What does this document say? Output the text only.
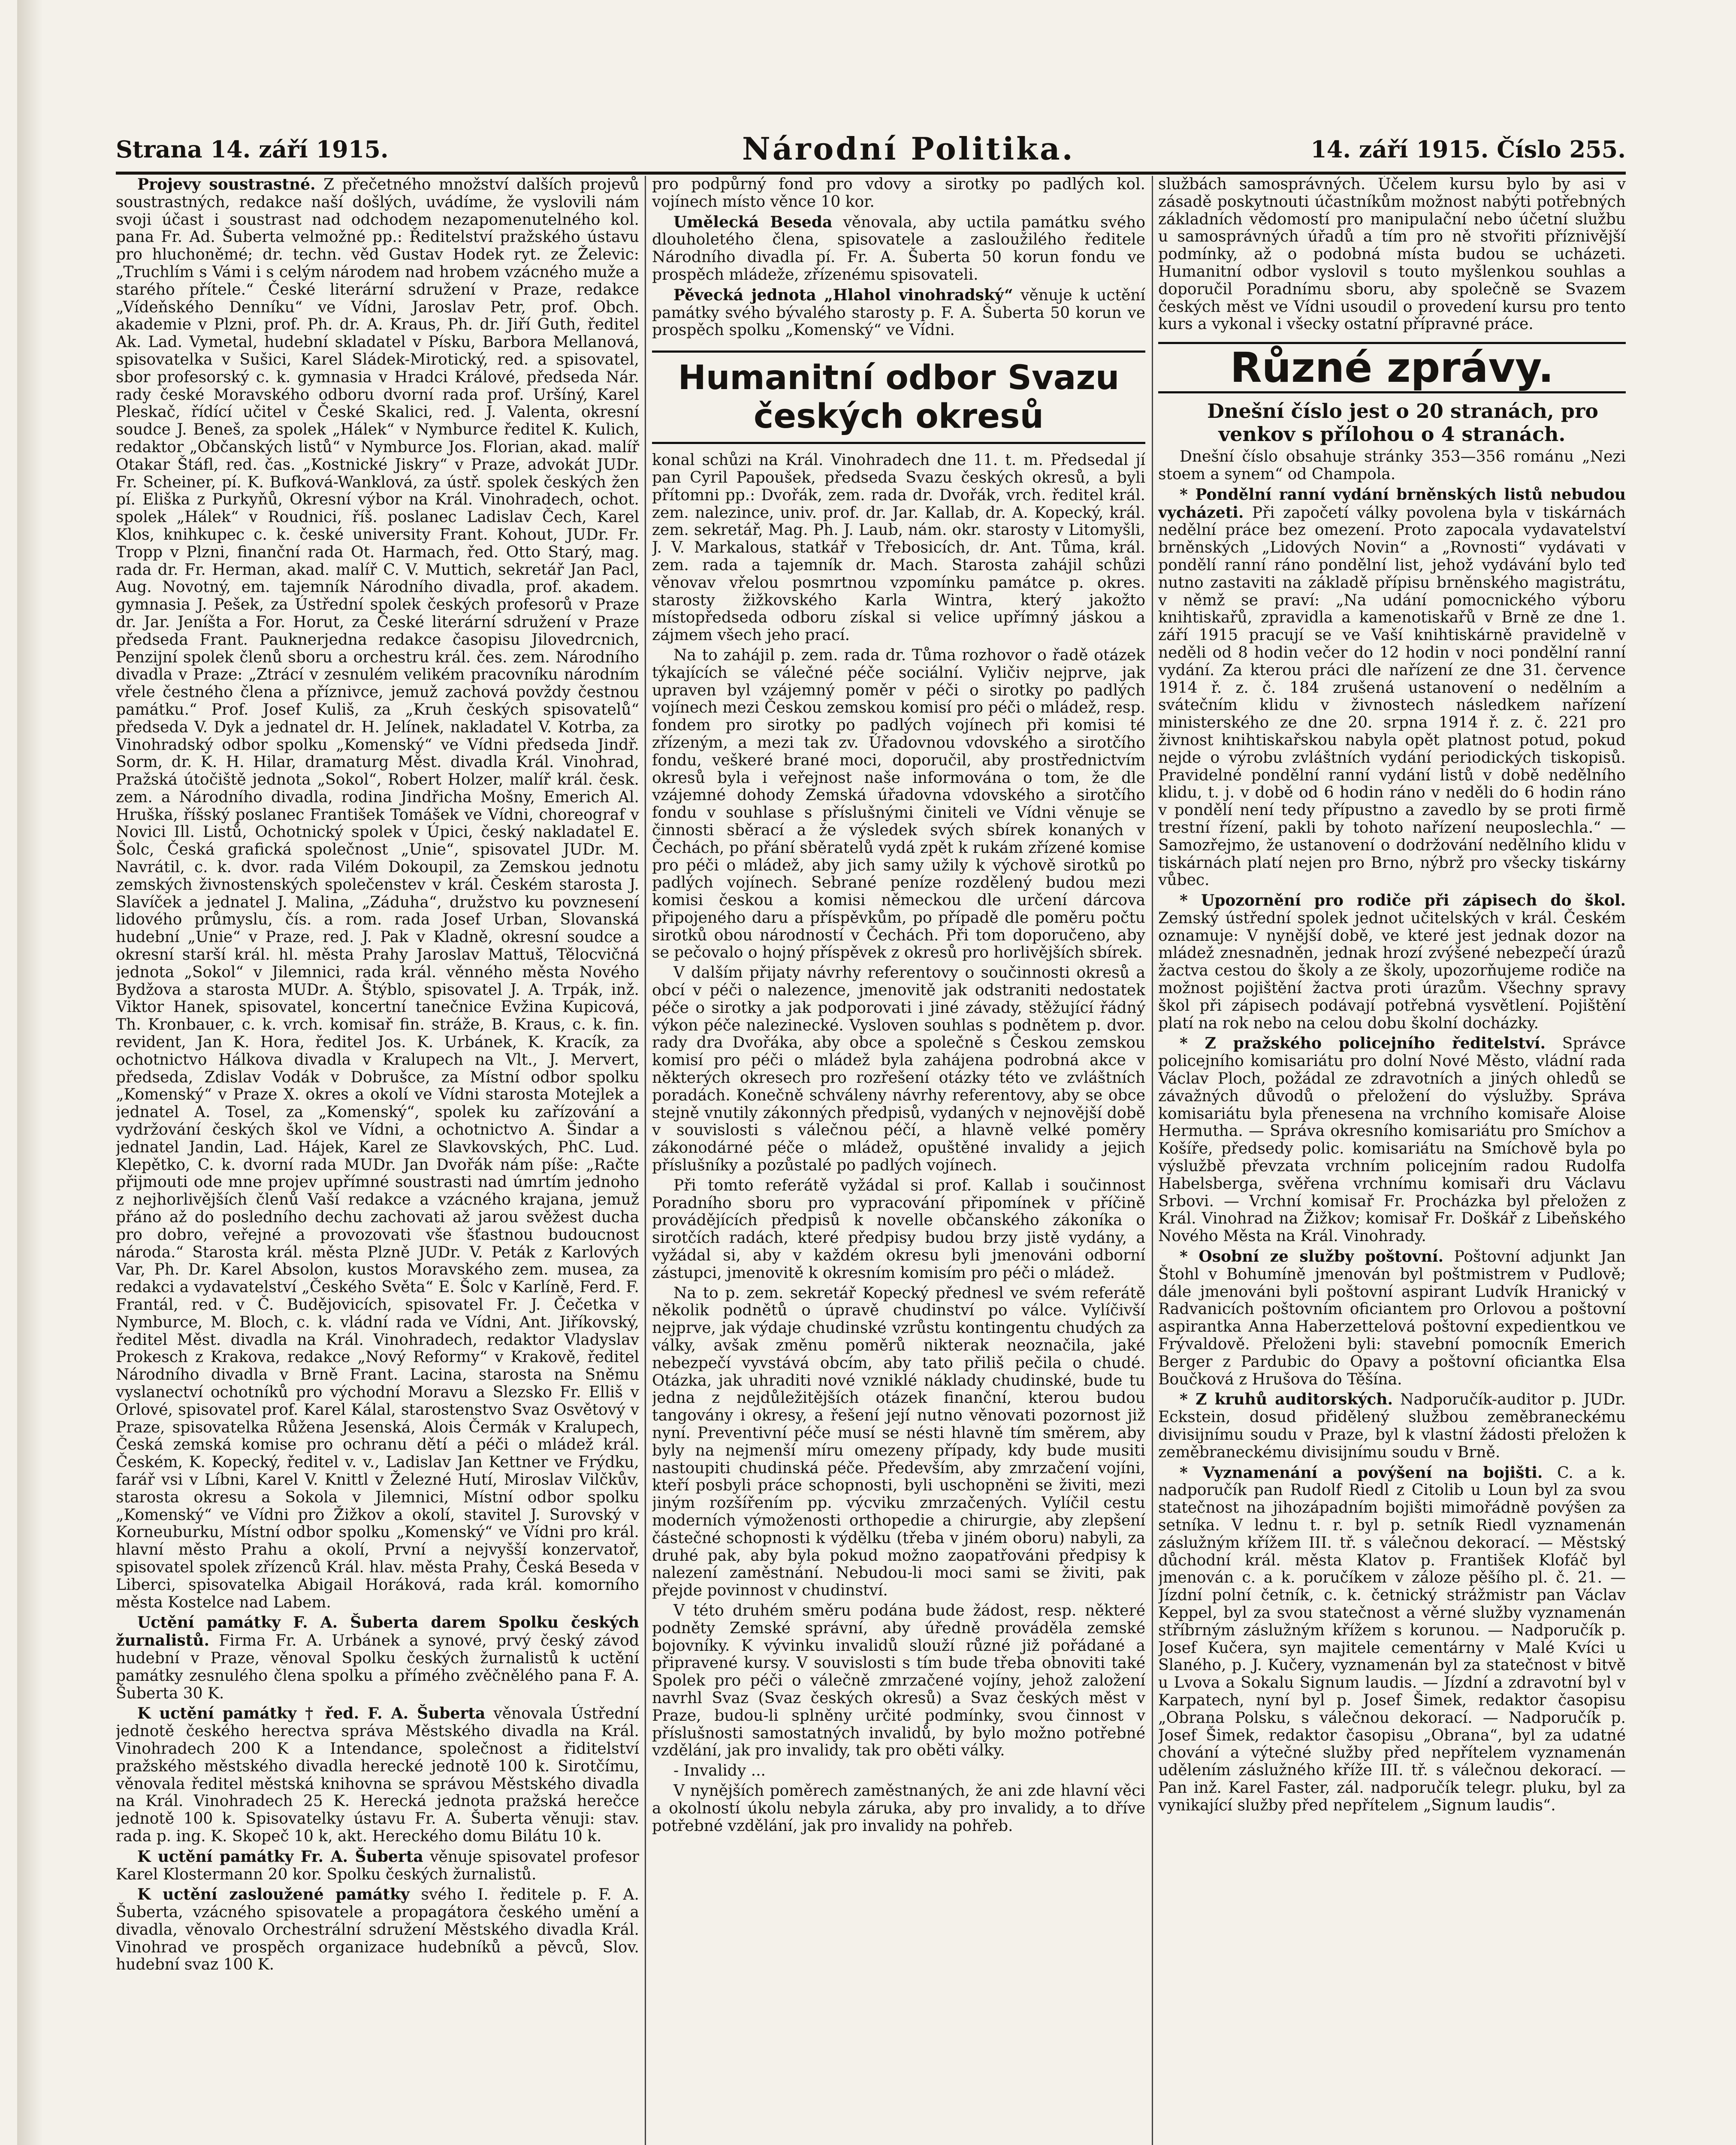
Strana 14. září 1915.	Národní Politika.	14. září 1915. Číslo 255.

Projevy soustrastné. Z přečetného množství dalších projevů soustrastných, redakce naší došlých, uvádíme, že vyslovili nám svoji účast i soustrast nad odchodem nezapomenutelného kol. pana Fr. Ad. Šuberta velmožné pp.: Ředitelství pražského ústavu pro hluchoněmé; dr. techn. věd Gustav Hodek ryt. ze Želevic: „Truchlím s Vámi i s celým národem nad hrobem vzácného muže a starého přítele.“ České literární sdružení v Praze, redakce „Vídeňského Denníku“ ve Vídni, Jaroslav Petr, prof. Obch. akademie v Plzni, prof. Ph. dr. A. Kraus, Ph. dr. Jiří Guth, ředitel Ak. Lad. Vymetal, hudební skladatel v Písku, Barbora Mellanová, spisovatelka v Sušici, Karel Sládek-Mirotický, red. a spisovatel, sbor profesorský c. k. gymnasia v Hradci Králové, předseda Nár. rady české Moravského odboru dvorní rada prof. Uršíný, Karel Pleskač, řídící učitel v České Skalici, red. J. Valenta, okresní soudce J. Beneš, za spolek „Hálek“ v Nymburce ředitel K. Kulich, redaktor „Občanských listů“ v Nymburce Jos. Florian, akad. malíř Otakar Štáfl, red. čas. „Kostnické Jiskry“ v Praze, advokát JUDr. Fr. Scheiner, pí. K. Bufková-Wanklová, za ústř. spolek českých žen pí. Eliška z Purkyňů, Okresní výbor na Král. Vinohradech, ochot. spolek „Hálek“ v Roudnici, říš. poslanec Ladislav Čech, Karel Klos, knihkupec c. k. české university Frant. Kohout, JUDr. Fr. Tropp v Plzni, finanční rada Ot. Harmach, řed. Otto Starý, mag. rada dr. Fr. Herman, akad. malíř C. V. Muttich, sekretář Jan Pacl, Aug. Novotný, em. tajemník Národního divadla, prof. akadem. gymnasia J. Pešek, za Ústřední spolek českých profesorů v Praze dr. Jar. Jeníšta a For. Horut, za České literární sdružení v Praze předseda Frant. Pauknerjedna redakce časopisu Jilovedrcnich, Penzijní spolek členů sboru a orchestru král. čes. zem. Národního divadla v Praze: „Ztrácí v zesnulém velikém pracovníku národním vřele čestného člena a příznivce, jemuž zachová povždy čestnou památku.“ Prof. Josef Kuliš, za „Kruh českých spisovatelů“ předseda V. Dyk a jednatel dr. H. Jelínek, nakladatel V. Kotrba, za Vinohradský odbor spolku „Komenský“ ve Vídni předseda Jindř. Sorm, dr. K. H. Hilar, dramaturg Měst. divadla Král. Vinohrad, Pražská útočiště jednota „Sokol“, Robert Holzer, malíř král. česk. zem. a Národního divadla, rodina Jindřicha Mošny, Emerich Al. Hruška, říšský poslanec František Tomášek ve Vídni, choreograf v Novici Ill. Listů, Ochotnický spolek v Úpici, český nakladatel E. Šolc, Česká grafická společnost „Unie“, spisovatel JUDr. M. Navrátil, c. k. dvor. rada Vilém Dokoupil, za Zemskou jednotu zemských živnostenských společenstev v král. Českém starosta J. Slavíček a jednatel J. Malina, „Záduha“, družstvo ku povznesení lidového průmyslu, čís. a rom. rada Josef Urban, Slovanská hudební „Unie“ v Praze, red. J. Pak v Kladně, okresní soudce a okresní starší král. hl. města Prahy Jaroslav Mattuš, Tělocvičná jednota „Sokol“ v Jilemnici, rada král. věnného města Nového Bydžova a starosta MUDr. A. Štýblo, spisovatel J. A. Trpák, inž. Viktor Hanek, spisovatel, koncertní tanečnice Evžina Kupicová, Th. Kronbauer, c. k. vrch. komisař fin. stráže, B. Kraus, c. k. fin. revident, Jan K. Hora, ředitel Jos. K. Urbánek, K. Kracík, za ochotnictvo Hálkova divadla v Kralupech na Vlt., J. Mervert, předseda, Zdislav Vodák v Dobrušce, za Místní odbor spolku „Komenský“ v Praze X. okres a okolí ve Vídni starosta Motejlek a jednatel A. Tosel, za „Komenský“, spolek ku zařízování a vydržování českých škol ve Vídni, a ochotnictvo A. Šindar a jednatel Jandin, Lad. Hájek, Karel ze Slavkovských, PhC. Lud. Klepětko, C. k. dvorní rada MUDr. Jan Dvořák nám píše: „Račte přijmouti ode mne projev upřímné soustrasti nad úmrtím jednoho z nejhorlivějších členů Vaší redakce a vzácného krajana, jemuž přáno až do posledního dechu zachovati až jarou svěžest ducha pro dobro, veřejné a provozovati vše šťastnou budoucnost národa.“ Starosta král. města Plzně JUDr. V. Peták z Karlových Var, Ph. Dr. Karel Absolon, kustos Moravského zem. musea, za redakci a vydavatelství „Českého Světa“ E. Šolc v Karlíně, Ferd. F. Frantál, red. v Č. Budějovicích, spisovatel Fr. J. Čečetka v Nymburce, M. Bloch, c. k. vládní rada ve Vídni, Ant. Jiříkovský, ředitel Měst. divadla na Král. Vinohradech, redaktor Vladyslav Prokesch z Krakova, redakce „Nový Reformy“ v Krakově, ředitel Národního divadla v Brně Frant. Lacina, starosta na Sněmu vyslanectví ochotníků pro východní Moravu a Slezsko Fr. Elliš v Orlové, spisovatel prof. Karel Kálal, starostenstvo Svaz Osvětový v Praze, spisovatelka Růžena Jesenská, Alois Čermák v Kralupech, Česká zemská komise pro ochranu dětí a péči o mládež král. Českém, K. Kopecký, ředitel v. v., Ladislav Jan Kettner ve Frýdku, farář vsi v Líbni, Karel V. Knittl v Železné Hutí, Miroslav Vilčkův, starosta okresu a Sokola v Jilemnici, Místní odbor spolku „Komenský“ ve Vídni pro Žižkov a okolí, stavitel J. Surovský v Korneuburku, Místní odbor spolku „Komenský“ ve Vídni pro král. hlavní město Prahu a okolí, První a nejvyšší konzervatoř, spisovatel spolek zřízenců Král. hlav. města Prahy, Česká Beseda v Liberci, spisovatelka Abigail Horáková, rada král. komorního města Kostelce nad Labem.

Uctění památky F. A. Šuberta darem Spolku českých žurnalistů. Firma Fr. A. Urbánek a synové, prvý český závod hudební v Praze, věnoval Spolku českých žurnalistů k uctění památky zesnulého člena spolku a přímého zvěčnělého pana F. A. Šuberta 30 K.

K uctění památky † řed. F. A. Šuberta věnovala Ústřední jednotě českého herectva správa Městského divadla na Král. Vinohradech 200 K a Intendance, společnost a řiditelství pražského městského divadla herecké jednotě 100 k. Sirotčímu, věnovala ředitel městská knihovna se správou Městského divadla na Král. Vinohradech 25 K. Herecká jednota pražská herečce jednotě 100 k. Spisovatelky ústavu Fr. A. Šuberta věnuji: stav. rada p. ing. K. Skopeč 10 k, akt. Hereckého domu Bilátu 10 k.

K uctění památky Fr. A. Šuberta věnuje spisovatel profesor Karel Klostermann 20 kor. Spolku českých žurnalistů.

K uctění zasloužené památky svého I. ředitele p. F. A. Šuberta, vzácného spisovatele a propagátora českého umění a divadla, věnovalo Orchestrální sdružení Městského divadla Král. Vinohrad ve prospěch organizace hudebníků a pěvců, Slov. hudební svaz 100 K.

pro podpůrný fond pro vdovy a sirotky po padlých kol. vojínech místo věnce 10 kor.

Umělecká Beseda věnovala, aby uctila památku svého dlouholetého člena, spisovatele a zasloužilého ředitele Národního divadla pí. Fr. A. Šuberta 50 korun fondu ve prospěch mládeže, zřízenému spisovateli.

Pěvecká jednota „Hlahol vinohradský“ věnuje k uctění památky svého bývalého starosty p. F. A. Šuberta 50 korun ve prospěch spolku „Komenský“ ve Vídni.

Humanitní odbor Svazu českých okresů

konal schůzi na Král. Vinohradech dne 11. t. m. Předsedal jí pan Cyril Papoušek, předseda Svazu českých okresů, a byli přítomni pp.: Dvořák, zem. rada dr. Dvořák, vrch. ředitel král. zem. nalezince, univ. prof. dr. Jar. Kallab, dr. A. Kopecký, král. zem. sekretář, Mag. Ph. J. Laub, nám. okr. starosty v Litomyšli, J. V. Markalous, statkář v Třebosicích, dr. Ant. Tůma, král. zem. rada a tajemník dr. Mach. Starosta zahájil schůzi věnovav vřelou posmrtnou vzpomínku památce p. okres. starosty žižkovského Karla Wintra, který jakožto místopředseda odboru získal si velice upřímný jáskou a zájmem všech jeho prací.

Na to zahájil p. zem. rada dr. Tůma rozhovor o řadě otázek týkajících se válečné péče sociální. Vyličiv nejprve, jak upraven byl vzájemný poměr v péči o sirotky po padlých vojínech mezi Českou zemskou komisí pro péči o mládež, resp. fondem pro sirotky po padlých vojínech při komisi té zřízeným, a mezi tak zv. Úřadovnou vdovského a sirotčího fondu, veškeré brané moci, doporučil, aby prostřednictvím okresů byla i veřejnost naše informována o tom, že dle vzájemné dohody Zemská úřadovna vdovského a sirotčího fondu v souhlase s příslušnými činiteli ve Vídni věnuje se činnosti sběrací a že výsledek svých sbírek konaných v Čechách, po přání sběratelů vydá zpět k rukám zřízené komise pro péči o mládež, aby jich samy užily k výchově sirotků po padlých vojínech. Sebrané peníze rozdělený budou mezi komisi českou a komisi německou dle určení dárcova připojeného daru a příspěvkům, po případě dle poměru počtu sirotků obou národností v Čechách. Při tom doporučeno, aby se pečovalo o hojný příspěvek z okresů pro horlivějších sbírek.

V dalším přijaty návrhy referentovy o součinnosti okresů a obcí v péči o nalezence, jmenovitě jak odstraniti nedostatek péče o sirotky a jak podporovati i jiné závady, stěžující řádný výkon péče nalezinecké. Vysloven souhlas s podnětem p. dvor. rady dra Dvořáka, aby obce a společně s Českou zemskou komisí pro péči o mládež byla zahájena podrobná akce v některých okresech pro rozřešení otázky této ve zvláštních poradách. Konečně schváleny návrhy referentovy, aby se obce stejně vnutily zákonných předpisů, vydaných v nejnovější době v souvislosti s válečnou péčí, a hlavně velké poměry zákonodárné péče o mládež, opuštěné invalidy a jejich příslušníky a pozůstalé po padlých vojínech.

Při tomto referátě vyžádal si prof. Kallab i součinnost Poradního sboru pro vypracování připomínek v příčině provádějících předpisů k novelle občanského zákoníka o sirotčích radách, které předpisy budou brzy jistě vydány, a vyžádal si, aby v každém okresu byli jmenováni odborní zástupci, jmenovitě k okresním komisím pro péči o mládež.

Na to p. zem. sekretář Kopecký přednesl ve svém referátě několik podnětů o úpravě chudinství po válce. Vylíčivší nejprve, jak výdaje chudinské vzrůstu kontingentu chudých za války, avšak změnu poměrů nikterak neoznačila, jaké nebezpečí vyvstává obcím, aby tato přiliš pečila o chudé. Otázka, jak uhraditi nové vzniklé náklady chudinské, bude tu jedna z nejdůležitějších otázek finanční, kterou budou tangovány i okresy, a řešení její nutno věnovati pozornost již nyní. Preventivní péče musí se nésti hlavně tím směrem, aby byly na nejmenší míru omezeny případy, kdy bude musiti nastoupiti chudinská péče. Především, aby zmrzačení vojíni, kteří posbyli práce schopnosti, byli uschopněni se živiti, mezi jiným rozšířením pp. výcviku zmrzačených. Vylíčil cestu moderních výmoženosti orthopedie a chirurgie, aby zlepšení částečné schopnosti k výdělku (třeba v jiném oboru) nabyli, za druhé pak, aby byla pokud možno zaopatřováni předpisy k nalezení zaměstnání. Nebudou-li moci sami se živiti, pak přejde povinnost v chudinství.

V této druhém směru podána bude žádost, resp. některé podněty Zemské správní, aby úředně prováděla zemské bojovníky. K vývinku invalidů slouží různé již pořádané a připravené kursy. V souvislosti s tím bude třeba obnoviti také Spolek pro péči o válečně zmrzačené vojíny, jehož založení navrhl Svaz (Svaz českých okresů) a Svaz českých měst v Praze, budou-li splněny určité podmínky, svou činnost v příslušnosti samostatných invalidů, by bylo možno potřebné vzdělání, jak pro invalidy, tak pro oběti války.

- Invalidy ...

V nynějších poměrech zaměstnaných, že ani zde hlavní věci a okolností úkolu nebyla záruka, aby pro invalidy, a to dříve potřebné vzdělání, jak pro invalidy na pohřeb.

službách samosprávných. Účelem kursu bylo by asi v zásadě poskytnouti účastníkům možnost nabýti potřebných základních vědomostí pro manipulační nebo účetní službu u samosprávných úřadů a tím pro ně stvořiti příznivější podmínky, až o podobná místa budou se ucházeti. Humanitní odbor vyslovil s touto myšlenkou souhlas a doporučil Poradnímu sboru, aby společně se Svazem českých měst ve Vídni usoudil o provedení kursu pro tento kurs a vykonal i všecky ostatní přípravné práce.

Různé zprávy.

Dnešní číslo jest o 20 stranách, pro venkov s přílohou o 4 stranách.

Dnešní číslo obsahuje stránky 353—356 románu „Nezi stoem a synem“ od Champola.

* Pondělní ranní vydání brněnských listů nebudou vycházeti. Při započetí války povolena byla v tiskárnách nedělní práce bez omezení. Proto zapocala vydavatelství brněnských „Lidových Novin“ a „Rovnosti“ vydávati v pondělí ranní ráno pondělní list, jehož vydávání bylo teď nutno zastaviti na základě přípisu brněnského magistrátu, v němž se praví: „Na udání pomocnického výboru knihtiskařů, zpravidla a kamenotiskařů v Brně ze dne 1. září 1915 pracují se ve Vaší knihtiskárně pravidelně v neděli od 8 hodin večer do 12 hodin v noci pondělní ranní vydání. Za kterou práci dle nařízení ze dne 31. července 1914 ř. z. č. 184 zrušená ustanovení o nedělním a svátečním klidu v živnostech následkem nařízení ministerského ze dne 20. srpna 1914 ř. z. č. 221 pro živnost knihtiskařskou nabyla opět platnost potud, pokud nejde o výrobu zvláštních vydání periodických tiskopisů. Pravidelné pondělní ranní vydání listů v době nedělního klidu, t. j. v době od 6 hodin ráno v neděli do 6 hodin ráno v pondělí není tedy přípustno a zavedlo by se proti firmě trestní řízení, pakli by tohoto nařízení neuposlechla.“ — Samozřejmo, že ustanovení o dodržování nedělního klidu v tiskárnách platí nejen pro Brno, nýbrž pro všecky tiskárny vůbec.

* Upozornění pro rodiče při zápisech do škol. Zemský ústřední spolek jednot učitelských v král. Českém oznamuje: V nynější době, ve které jest jednak dozor na mládež znesnadněn, jednak hrozí zvýšené nebezpečí úrazů žactva cestou do školy a ze školy, upozorňujeme rodiče na možnost pojištění žactva proti úrazům. Všechny spravy škol při zápisech podávají potřebná vysvětlení. Pojištění platí na rok nebo na celou dobu školní docházky.

* Z pražského policejního ředitelství. Správce policejního komisariátu pro dolní Nové Město, vládní rada Václav Ploch, požádal ze zdravotních a jiných ohledů se závažných důvodů o přeložení do výslužby. Správa komisariátu byla přenesena na vrchního komisaře Aloise Hermutha. — Správa okresního komisariátu pro Smíchov a Košíře, předsedy polic. komisariátu na Smíchově byla po výslužbě převzata vrchním policejním radou Rudolfa Habelsberga, svěřena vrchnímu komisaři dru Václavu Srbovi. — Vrchní komisař Fr. Procházka byl přeložen z Král. Vinohrad na Žižkov; komisař Fr. Doškář z Libeňského Nového Města na Král. Vinohrady.

* Osobní ze služby poštovní. Poštovní adjunkt Jan Štohl v Bohumíně jmenován byl poštmistrem v Pudlově; dále jmenováni byli poštovní aspirant Ludvík Hranický v Radvanicích poštovním oficiantem pro Orlovou a poštovní aspirantka Anna Haberzettelová poštovní expedientkou ve Frývaldově. Přeloženi byli: stavební pomocník Emerich Berger z Pardubic do Opavy a poštovní oficiantka Elsa Boučková z Hrušova do Těšína.

* Z kruhů auditorských. Nadporučík-auditor p. JUDr. Eckstein, dosud přidělený službou zeměbraneckému divisijnímu soudu v Praze, byl k vlastní žádosti přeložen k zeměbraneckému divisijnímu soudu v Brně.

* Vyznamenání a povýšení na bojišti. C. a k. nadporučík pan Rudolf Riedl z Citolib u Loun byl za svou statečnost na jihozápadním bojišti mimořádně povýšen za setníka. V lednu t. r. byl p. setník Riedl vyznamenán záslužným křížem III. tř. s válečnou dekorací. — Městský důchodní král. města Klatov p. František Klofáč byl jmenován c. a k. poručíkem v záloze pěšího pl. č. 21. — Jízdní polní četník, c. k. četnický strážmistr pan Václav Keppel, byl za svou statečnost a věrné služby vyznamenán stříbrným záslužným křížem s korunou. — Nadporučík p. Josef Kučera, syn majitele cementárny v Malé Kvíci u Slaného, p. J. Kučery, vyznamenán byl za statečnost v bitvě u Lvova a Sokalu Signum laudis. — Jízdní a zdravotní byl v Karpatech, nyní byl p. Josef Šimek, redaktor časopisu „Obrana Polsku, s válečnou dekorací. — Nadporučík p. Josef Šimek, redaktor časopisu „Obrana“, byl za udatné chování a výtečné služby před nepřítelem vyznamenán udělením záslužného kříže III. tř. s válečnou dekorací. — Pan inž. Karel Faster, zál. nadporučík telegr. pluku, byl za vynikající služby před nepřítelem „Signum laudis“.
